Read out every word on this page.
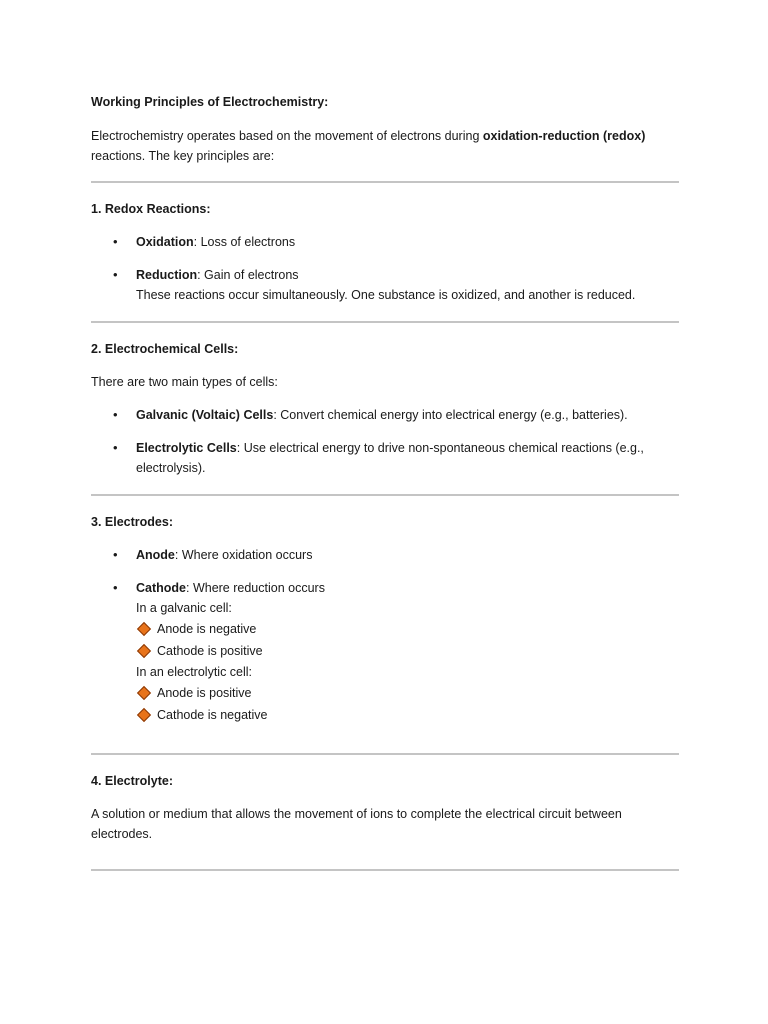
Working Principles of Electrochemistry:

Electrochemistry operates based on the movement of electrons during oxidation-reduction (redox) reactions. The key principles are:

1. Redox Reactions:

• Oxidation: Loss of electrons
• Reduction: Gain of electrons
These reactions occur simultaneously. One substance is oxidized, and another is reduced.

2. Electrochemical Cells:

There are two main types of cells:

• Galvanic (Voltaic) Cells: Convert chemical energy into electrical energy (e.g., batteries).
• Electrolytic Cells: Use electrical energy to drive non-spontaneous chemical reactions (e.g., electrolysis).

3. Electrodes:

• Anode: Where oxidation occurs
• Cathode: Where reduction occurs
In a galvanic cell:
Anode is negative
Cathode is positive
In an electrolytic cell:
Anode is positive
Cathode is negative

4. Electrolyte:

A solution or medium that allows the movement of ions to complete the electrical circuit between electrodes.
